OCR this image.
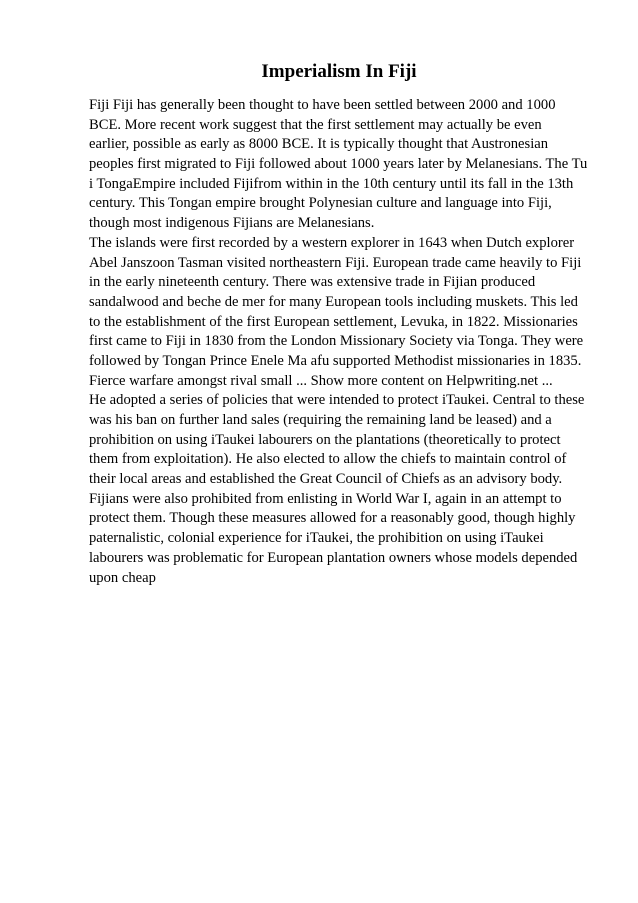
Imperialism In Fiji
Fiji Fiji has generally been thought to have been settled between 2000 and 1000
BCE. More recent work suggest that the first settlement may actually be even
earlier, possible as early as 8000 BCE. It is typically thought that Austronesian
peoples first migrated to Fiji followed about 1000 years later by Melanesians. The Tu
i TongaEmpire included Fijifrom within in the 10th century until its fall in the 13th
century. This Tongan empire brought Polynesian culture and language into Fiji,
though most indigenous Fijians are Melanesians.
The islands were first recorded by a western explorer in 1643 when Dutch explorer
Abel Janszoon Tasman visited northeastern Fiji. European trade came heavily to Fiji
in the early nineteenth century. There was extensive trade in Fijian produced
sandalwood and beche de mer for many European tools including muskets. This led
to the establishment of the first European settlement, Levuka, in 1822. Missionaries
first came to Fiji in 1830 from the London Missionary Society via Tonga. They were
followed by Tongan Prince Enele Ma afu supported Methodist missionaries in 1835.
Fierce warfare amongst rival small ... Show more content on Helpwriting.net ...
He adopted a series of policies that were intended to protect iTaukei. Central to these
was his ban on further land sales (requiring the remaining land be leased) and a
prohibition on using iTaukei labourers on the plantations (theoretically to protect
them from exploitation). He also elected to allow the chiefs to maintain control of
their local areas and established the Great Council of Chiefs as an advisory body.
Fijians were also prohibited from enlisting in World War I, again in an attempt to
protect them. Though these measures allowed for a reasonably good, though highly
paternalistic, colonial experience for iTaukei, the prohibition on using iTaukei
labourers was problematic for European plantation owners whose models depended
upon cheap
